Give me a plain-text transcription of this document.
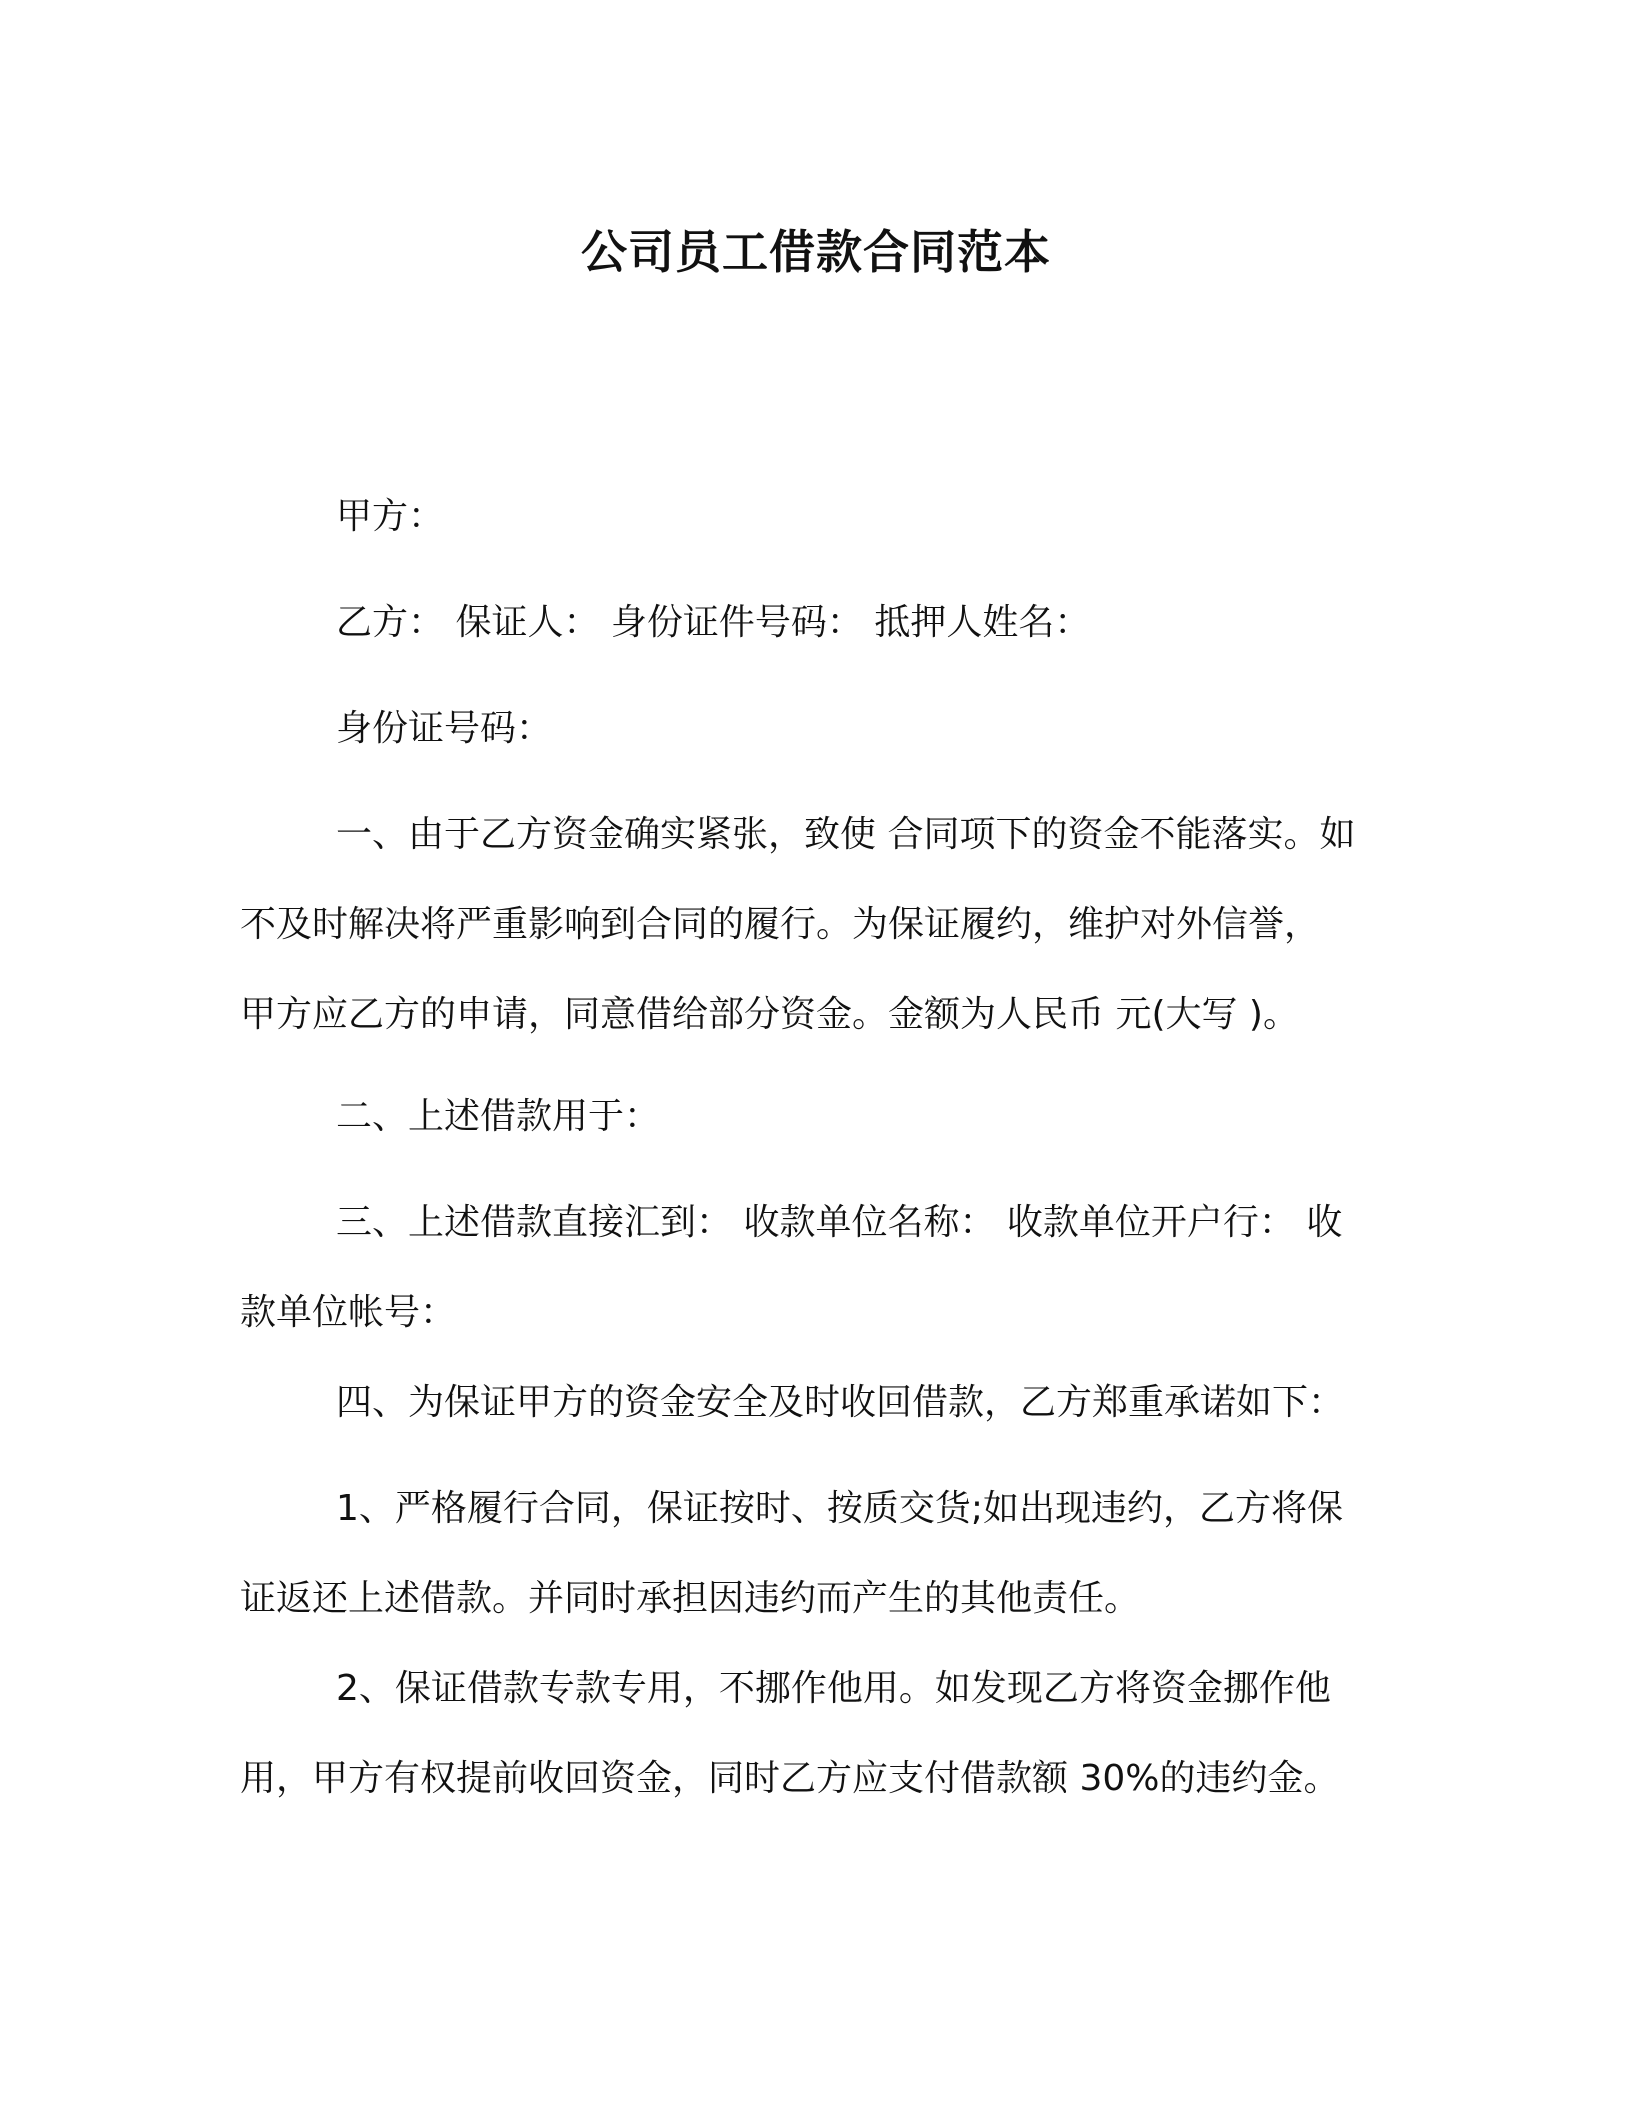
公司员工借款合同范本
甲方：
乙方： 保证人： 身份证件号码： 抵押人姓名：
身份证号码：
一、由于乙方资金确实紧张，致使 合同项下的资金不能落实。如
不及时解决将严重影响到合同的履行。为保证履约，维护对外信誉，
甲方应乙方的申请，同意借给部分资金。金额为人民币 元(大写 )。
二、上述借款用于：
三、上述借款直接汇到： 收款单位名称： 收款单位开户行： 收
款单位帐号：
四、为保证甲方的资金安全及时收回借款，乙方郑重承诺如下：
1、严格履行合同，保证按时、按质交货;如出现违约，乙方将保
证返还上述借款。并同时承担因违约而产生的其他责任。
2、保证借款专款专用，不挪作他用。如发现乙方将资金挪作他
用，甲方有权提前收回资金，同时乙方应支付借款额 30%的违约金。
